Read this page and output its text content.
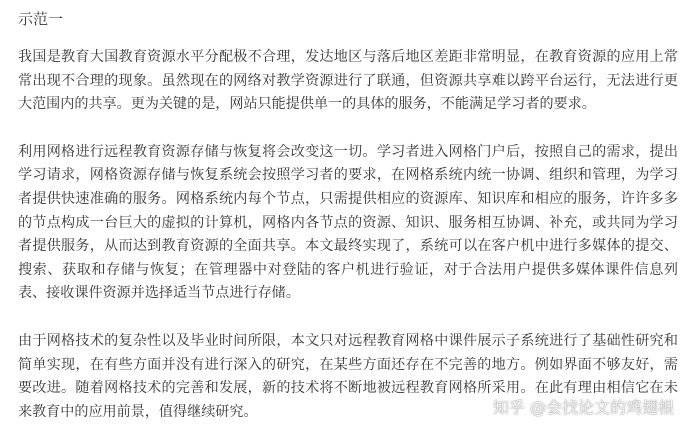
示范一

我国是教育大国教育资源水平分配极不合理，发达地区与落后地区差距非常明显，在教育资源的应用上常常出现不合理的现象。虽然现在的网络对教学资源进行了联通，但资源共享难以跨平台运行，无法进行更大范围内的共享。更为关键的是，网站只能提供单一的具体的服务，不能满足学习者的要求。

利用网格进行远程教育资源存储与恢复将会改变这一切。学习者进入网格门户后，按照自己的需求，提出学习请求，网格资源存储与恢复系统会按照学习者的要求，在网格系统内统一协调、组织和管理，为学习者提供快速准确的服务。网格系统内每个节点，只需提供相应的资源库、知识库和相应的服务，许许多多的节点构成一台巨大的虚拟的计算机，网格内各节点的资源、知识、服务相互协调、补充，或共同为学习者提供服务，从而达到教育资源的全面共享。本文最终实现了，系统可以在客户机中进行多媒体的提交、搜索、获取和存储与恢复；在管理器中对登陆的客户机进行验证，对于合法用户提供多媒体课件信息列表、接收课件资源并选择适当节点进行存储。

由于网格技术的复杂性以及毕业时间所限，本文只对远程教育网格中课件展示子系统进行了基础性研究和简单实现，在有些方面并没有进行深入的研究，在某些方面还存在不完善的地方。例如界面不够友好，需要改进。随着网格技术的完善和发展，新的技术将不断地被远程教育网格所采用。在此有理由相信它在未来教育中的应用前景，值得继续研究。	知乎 @会找论文的鸡翅根
